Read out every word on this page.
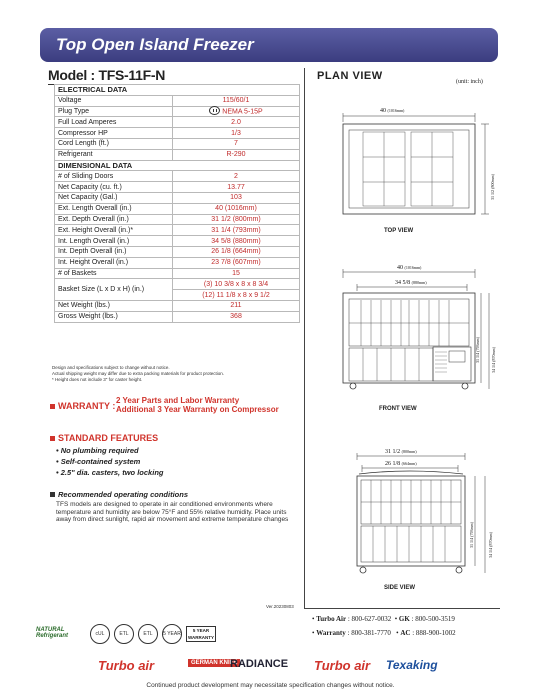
Top Open Island Freezer
Model : TFS-11F-N
ELECTRICAL DATA	
Voltage	115/60/1
Plug Type	NEMA 5-15P
Full Load Amperes	2.0
Compressor HP	1/3
Cord Length (ft.)	7
Refrigerant	R-290
DIMENSIONAL DATA	
# of Sliding Doors	2
Net Capacity (cu. ft.)	13.77
Net Capacity (Gal.)	103
Ext. Length Overall (in.)	40 (1016mm)
Ext. Depth Overall (in.)	31 1/2 (800mm)
Ext. Height Overall (in.)*	31 1/4 (793mm)
Int. Length Overall (in.)	34 5/8 (880mm)
Int. Depth Overall (in.)	26 1/8 (664mm)
Int. Height Overall (in.)	23 7/8 (607mm)
# of Baskets	15
Basket Size (L x D x H) (in.)	(3) 10 3/8 x 8 x 8 3/4
	(12) 11 1/8 x 8 x 9 1/2
Net Weight (lbs.)	211
Gross Weight (lbs.)	368
Design and specifications subject to change without notice.
Actual shipping weight may differ due to extra packing materials for product protection.
* Height does not include 3" for caster height.
WARRANTY :
2 Year Parts and Labor Warranty
Additional 3 Year Warranty on Compressor
STANDARD FEATURES
• No plumbing required
• Self-contained system
• 2.5" dia. casters, two locking
Recommended operating conditions
TFS models are designed to operate in air conditioned environments where temperature and humidity are below 75°F and 55% relative humidity. Place units away from direct sunlight, rapid air movement and extreme temperature changes
Ver.20230803
PLAN VIEW	(unit: inch)
40 (1016mm)
31 1/2 (800mm)
40 (1016mm)
34 5/8 (880mm)
31 1/4 (793mm)	34 1/4 (870mm)
31 1/2 (800mm)
26 1/8 (664mm)
31 1/4 (793mm)	34 1/4 (870mm)
TOP VIEW
FRONT VIEW
SIDE VIEW
• Turbo Air : 800-627-0032  • GK : 800-500-3519
• Warranty : 800-381-7770   • AC : 888-900-1002
NATURAL
Refrigerant	cUL	ETL	ETL	5 YEAR
5 YEAR
WARRANTY
Turbo air	GERMAN KNIFE
RADIANCE Turbo air Texaking
Continued product development may necessitate specification changes without notice.
